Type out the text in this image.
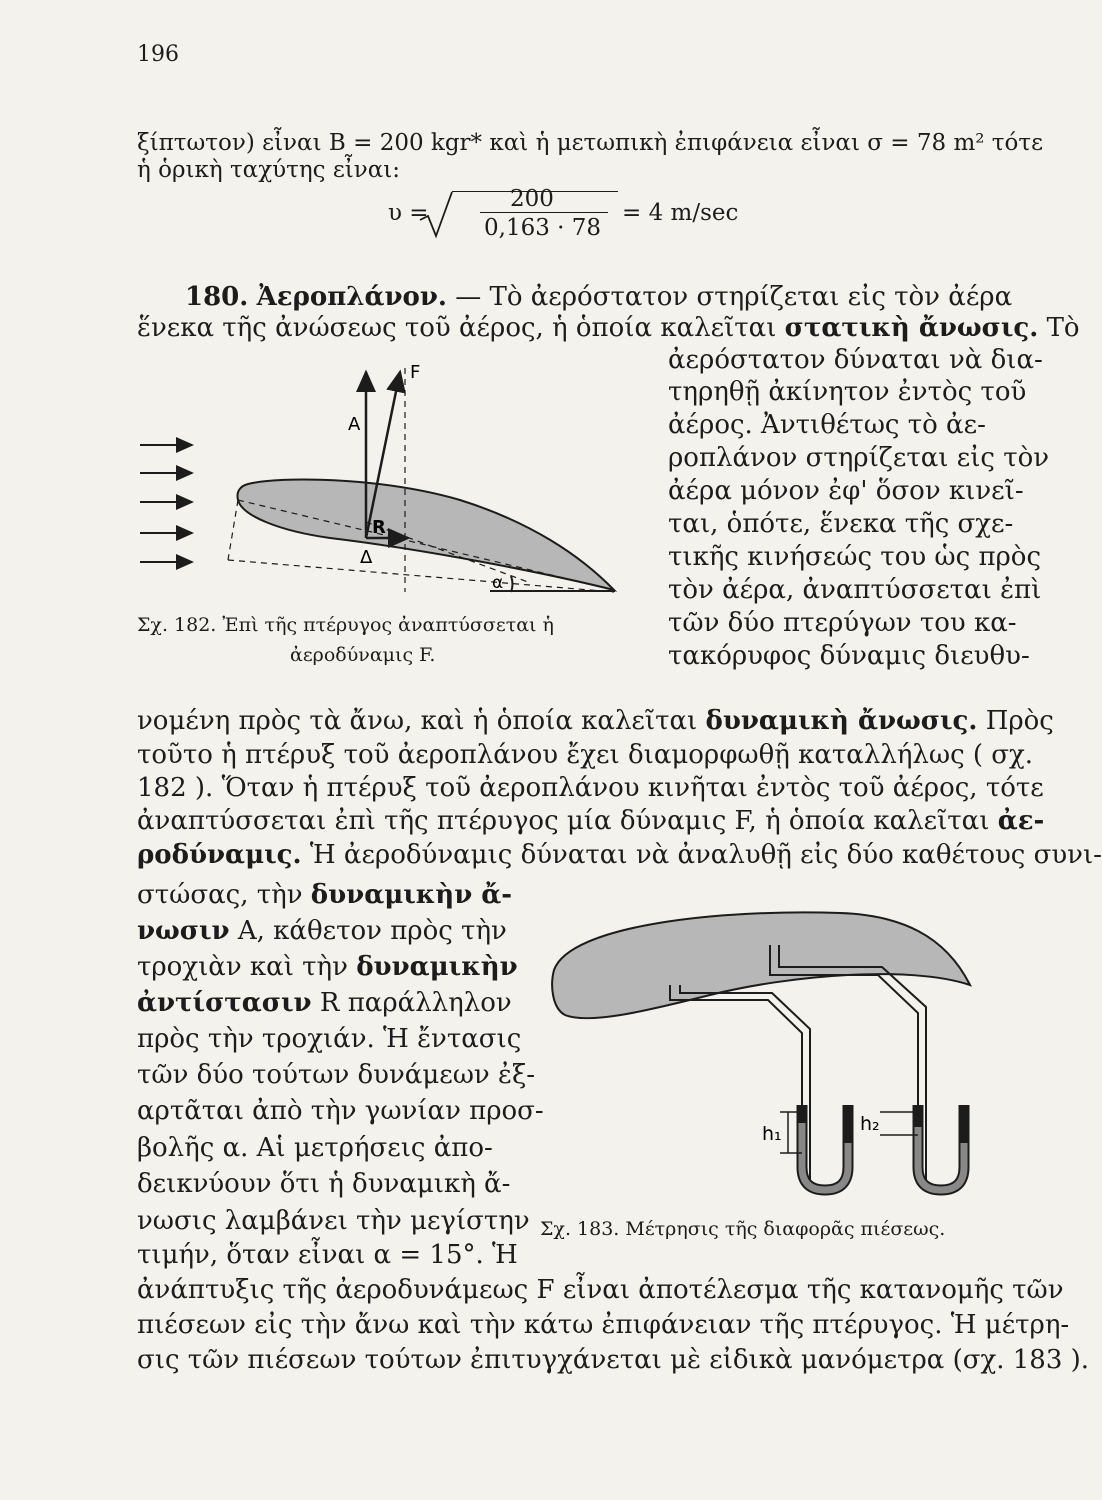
196
ξίπτωτον) εἶναι B = 200 kgr* καὶ ἡ μετωπικὴ ἐπιφάνεια εἶναι σ = 78 m² τότε
ἡ ὁρικὴ ταχύτης εἶναι:
υ =
200
0,163 · 78
= 4 m/sec
180. Ἀεροπλάνον. — Τὸ ἀερόστατον στηρίζεται εἰς τὸν ἀέρα
ἕνεκα τῆς ἀνώσεως τοῦ ἀέρος, ἡ ὁποία καλεῖται στατικὴ ἄνωσις. Τὸ
ἀερόστατον δύναται νὰ δια-
τηρηθῇ ἀκίνητον ἐντὸς τοῦ
ἀέρος. Ἀντιθέτως τὸ ἀε-
ροπλάνον στηρίζεται εἰς τὸν
ἀέρα μόνον ἐφ' ὅσον κινεῖ-
ται, ὁπότε, ἕνεκα τῆς σχε-
τικῆς κινήσεώς του ὡς πρὸς
τὸν ἀέρα, ἀναπτύσσεται ἐπὶ
τῶν δύο πτερύγων του κα-
τακόρυφος δύναμις διευθυ-
F
A
R
Δ
α
Σχ. 182. Ἐπὶ τῆς πτέρυγος ἀναπτύσσεται ἡ
ἀεροδύναμις F.
νομένη πρὸς τὰ ἄνω, καὶ ἡ ὁποία καλεῖται δυναμικὴ ἄνωσις. Πρὸς
τοῦτο ἡ πτέρυξ τοῦ ἀεροπλάνου ἔχει διαμορφωθῇ καταλλήλως ( σχ.
182 ). Ὅταν ἡ πτέρυξ τοῦ ἀεροπλάνου κινῆται ἐντὸς τοῦ ἀέρος, τότε
ἀναπτύσσεται ἐπὶ τῆς πτέρυγος μία δύναμις F, ἡ ὁποία καλεῖται ἀε-
ροδύναμις. Ἡ ἀεροδύναμις δύναται νὰ ἀναλυθῇ εἰς δύο καθέτους συνι-
στώσας, τὴν δυναμικὴν ἄ-
νωσιν A, κάθετον πρὸς τὴν
τροχιὰν καὶ τὴν δυναμικὴν
ἀντίστασιν R παράλληλον
πρὸς τὴν τροχιάν. Ἡ ἔντασις
τῶν δύο τούτων δυνάμεων ἐξ-
αρτᾶται ἀπὸ τὴν γωνίαν προσ-
βολῆς α. Αἱ μετρήσεις ἀπο-
δεικνύουν ὅτι ἡ δυναμικὴ ἄ-
νωσις λαμβάνει τὴν μεγίστην
τιμήν, ὅταν εἶναι α = 15°. Ἡ
h₁	h₂
Σχ. 183. Μέτρησις τῆς διαφορᾶς πιέσεως.
ἀνάπτυξις τῆς ἀεροδυνάμεως F εἶναι ἀποτέλεσμα τῆς κατανομῆς τῶν
πιέσεων εἰς τὴν ἄνω καὶ τὴν κάτω ἐπιφάνειαν τῆς πτέρυγος. Ἡ μέτρη-
σις τῶν πιέσεων τούτων ἐπιτυγχάνεται μὲ εἰδικὰ μανόμετρα (σχ. 183 ).
